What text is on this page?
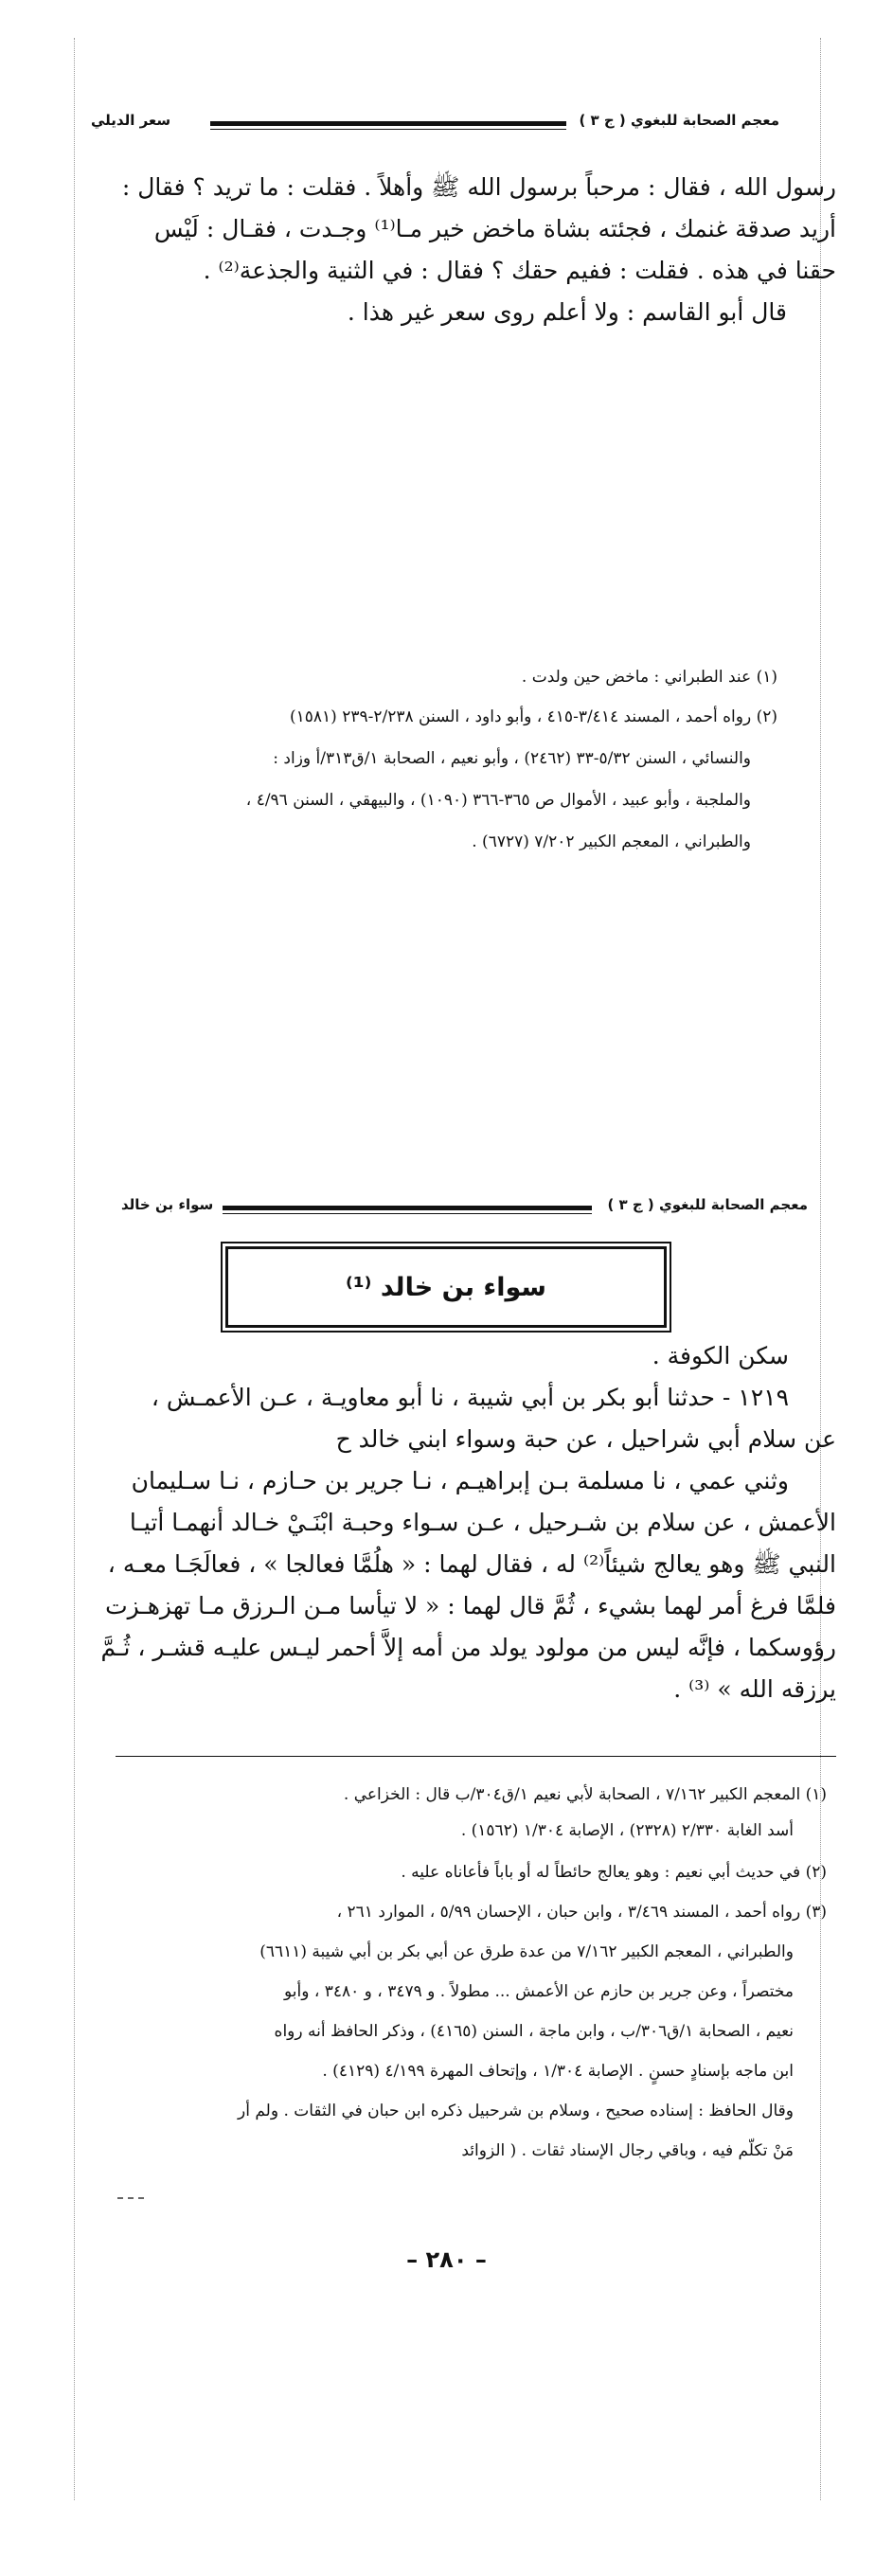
معجم الصحابة للبغوي ( ج ٣ )
سعر الديلي
رسول الله ، فقال : مرحباً برسول الله ﷺ وأهلاً . فقلت : ما تريد ؟ فقال :
أريد صدقة غنمك ، فجئته بشاة ماخض خير مـا⁽¹⁾ وجـدت ، فقـال : لَيْس
حقنا في هذه . فقلت : ففيم حقك ؟ فقال : في الثنية والجذعة⁽²⁾ .
قال أبو القاسم : ولا أعلم روى سعر غير هذا .
(١) عند الطبراني : ماخض حين ولدت .
(٢) رواه أحمد ، المسند ٣/٤١٤-٤١٥ ، وأبو داود ، السنن ٢/٢٣٨-٢٣٩ (١٥٨١)
والنسائي ، السنن ٥/٣٢-٣٣ (٢٤٦٢) ، وأبو نعيم ، الصحابة ١/ق٣١٣/أ وزاد :
والملجبة ، وأبو عبيد ، الأموال ص ٣٦٥-٣٦٦ (١٠٩٠) ، والبيهقي ، السنن ٤/٩٦ ،
والطبراني ، المعجم الكبير ٧/٢٠٢ (٦٧٢٧) .
معجم الصحابة للبغوي ( ج ٣ )
سواء بن خالد
سواء بن خالد ⁽¹⁾
سكن الكوفة .
١٢١٩ - حدثنا أبو بكر بن أبي شيبة ، نا أبو معاويـة ، عـن الأعمـش ،
عن سلام أبي شراحيل ، عن حبة وسواء ابني خالد ح
وثني عمي ، نا مسلمة بـن إبراهيـم ، نـا جرير بن حـازم ، نـا سـليمان
الأعمش ، عن سلام بن شـرحيل ، عـن سـواء وحبـة ابْنَـيْ خـالد أنهمـا أتيـا
النبي ﷺ وهو يعالج شيئاً⁽²⁾ له ، فقال لهما : « هلُمَّا فعالجا » ، فعالَجَـا معـه ،
فلمَّا فرغ أمر لهما بشيء ، ثُمَّ قال لهما : « لا تيأسا مـن الـرزق مـا تهزهـزت
رؤوسكما ، فإنَّه ليس من مولود يولد من أمه إلاَّ أحمر ليـس عليـه قشـر ، ثُـمَّ
يرزقه الله » ⁽³⁾ .
(١) المعجم الكبير ٧/١٦٢ ، الصحابة لأبي نعيم ١/ق٣٠٤/ب قال : الخزاعي .
أسد الغابة ٢/٣٣٠ (٢٣٢٨) ، الإصابة ١/٣٠٤ (١٥٦٢) .
(٢) في حديث أبي نعيم : وهو يعالج حائطاً له أو باباً فأعاناه عليه .
(٣) رواه أحمد ، المسند ٣/٤٦٩ ، وابن حبان ، الإحسان ٥/٩٩ ، الموارد ٢٦١ ،
والطبراني ، المعجم الكبير ٧/١٦٢ من عدة طرق عن أبي بكر بن أبي شيبة (٦٦١١)
مختصراً ، وعن جرير بن حازم عن الأعمش ... مطولاً . و ٣٤٧٩ ، و ٣٤٨٠ ، وأبو
نعيم ، الصحابة ١/ق٣٠٦/ب ، وابن ماجة ، السنن (٤١٦٥) ، وذكر الحافظ أنه رواه
ابن ماجه بإسنادٍ حسنٍ . الإصابة ١/٣٠٤ ، وإتحاف المهرة ٤/١٩٩ (٤١٢٩) .
وقال الحافظ : إسناده صحيح ، وسلام بن شرحبيل ذكره ابن حبان في الثقات . ولم أر
مَنْ تكلّم فيه ، وباقي رجال الإسناد ثقات . ( الزوائد
– ٢٨٠ –
